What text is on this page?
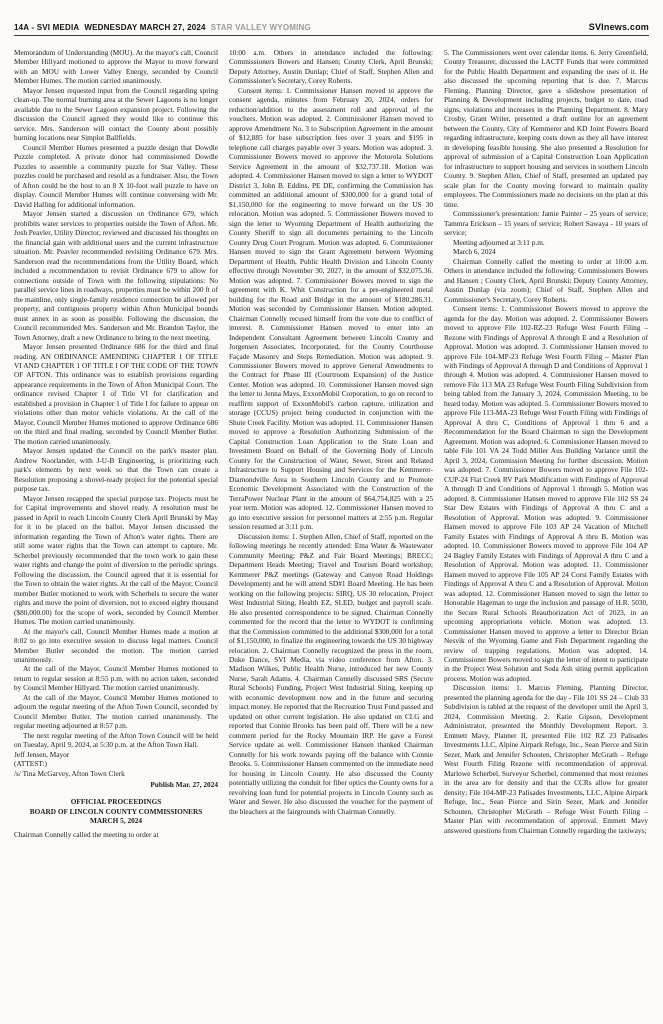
14A - SVI MEDIA WEDNESDAY MARCH 27, 2024 STAR VALLEY WYOMING	SVInews.com

Memorandum of Understanding (MOU). At the mayor's call, Council Member Hillyard motioned to approve the Mayor to move forward with an MOU with Lower Valley Energy, seconded by Council Member Humes. The motion carried unanimously.

Mayor Jensen requested input from the Council regarding spring clean-up. The normal burning area at the Sewer Lagoons is no longer available due to the Sewer Lagoon expansion project. Following the discussion the Council agreed they would like to continue this service. Mrs. Sanderson will contact the County about possibly burning locations near Simplot Ballfields.

Council Member Humes presented a puzzle design that Dowdle Puzzle completed. A private donor had commissioned Dowdle Puzzles to assemble a community puzzle for Star Valley. These puzzles could be purchased and resold as a fundraiser. Also, the Town of Afton could be the host to an 8 X 10-foot wall puzzle to have on display. Council Member Humes will continue conversing with Mr. David Halling for additional information.

Mayor Jensen started a discussion on Ordinance 679, which prohibits water services to properties outside the Town of Afton. Mr. Josh Peavler, Utility Director, reviewed and discussed his thoughts on the financial gain with additional users and the current infrastructure situation. Mr. Peavler recommended revisiting Ordinance 679. Mrs. Sanderson read the recommendations from the Utility Board, which included a recommendation to revisit Ordinance 679 to allow for connections outside of Town with the following stipulations: No parallel service lines in roadways, properties must be within 200 ft of the mainline, only single-family residence connection be allowed per property, and contiguous property within Afton Municipal bounds must annex in as soon as possible. Following the discussion, the Council recommended Mrs. Sanderson and Mr. Brandon Taylor, the Town Attorney, draft a new Ordinance to bring to the next meeting.

Mayor Jensen presented Ordinance 686 for the third and final reading. AN ORDINANCE AMENDING CHAPTER 1 OF TITLE VI AND CHAPTER 1 OF TITLE I OF THE CODE OF THE TOWN OF AFTON. This ordinance was to establish provisions regarding appearance requirements in the Town of Afton Municipal Court. The ordinance revised Chapter I of Title VI for clarification and established a provision in Chapter 1 of Title I for failure to appear on violations other than motor vehicle violations. At the call of the Mayor, Council Member Humes motioned to approve Ordinance 686 on the third and final reading, seconded by Council Member Butler. The motion carried unanimously.

Mayor Jensen updated the Council on the park's master plan. Andrew Noorlander, with J-U-B Engineering, is prioritizing each park's elements by next week so that the Town can create a Resolution proposing a shovel-ready project for the potential special purpose tax.

Mayor Jensen recapped the special purpose tax. Projects must be for Capital improvements and shovel ready. A resolution must be passed in April to reach Lincoln County Clerk April Brunski by May for it to be placed on the ballot. Mayor Jensen discussed the information regarding the Town of Afton's water rights. There are still some water rights that the Town can attempt to capture. Mr. Scherbel previously recommended that the town work to gain these water rights and change the point of diversion to the periodic springs. Following the discussion, the Council agreed that it is essential for the Town to obtain the water rights. At the call of the Mayor, Council member Butler motioned to work with Scherbels to secure the water rights and move the point of diversion, not to exceed eighty thousand ($80,000.00) for the scope of work, seconded by Council Member Humes. The motion carried unanimously.

At the mayor's call, Council Member Humes made a motion at 8:02 to go into executive session to discuss legal matters. Council Member Butler seconded the motion. The motion carried unanimously.

At the call of the Mayor, Council Member Humes motioned to return to regular session at 8:55 p.m. with no action taken, seconded by Council Member Hillyard. The motion carried unanimously.

At the call of the Mayor, Council Member Humes motioned to adjourn the regular meeting of the Afton Town Council, seconded by Council Member Butler. The motion carried unanimously. The regular meeting adjourned at 8:57 p.m.

The next regular meeting of the Afton Town Council will be held on Tuesday, April 9, 2024, at 5:30 p.m. at the Afton Town Hall.

Jeff Jensen, Mayor

(ATTEST:)

/s/ Tina McGarvey, Afton Town Clerk

Publish Mar. 27, 2024

OFFICIAL PROCEEDINGS
BOARD OF LINCOLN COUNTY COMMISSIONERS
MARCH 5, 2024

Chairman Connelly called the meeting to order at

10:00 a.m. Others in attendance included the following: Commissioners Bowers and Hansen; County Clerk, April Brunski; Deputy Attorney, Austin Dunlap; Chief of Staff, Stephen Allen and Commissioner's Secretary, Corey Roberts.

Consent items: 1. Commissioner Hansen moved to approve the consent agenda, minutes from February 20, 2024, orders for reduction/addition to the assessment roll and approval of the vouchers. Motion was adopted. 2. Commissioner Hansen moved to approve Amendment No. 3 to Subscription Agreement in the amount of $12,885 for base subscription fees over 3 years and $195 in telephone call charges payable over 3 years. Motion was adopted. 3. Commissioner Bowers moved to approve the Motorola Solutions Service Agreement in the amount of $32,737.18. Motion was adopted. 4. Commissioner Hansen moved to sign a letter to WYDOT District 3, John B. Eddins, PE DE, confirming the Commission has committed an additional amount of $300,000 for a grand total of $1,150,000 for the engineering to move forward on the US 30 relocation. Motion was adopted. 5. Commissioner Bowers moved to sign the letter to Wyoming Department of Health authorizing the County Sheriff to sign all documents pertaining to the Lincoln County Drug Court Program. Motion was adopted. 6. Commissioner Hansen moved to sign the Grant Agreement between Wyoming Department of Health, Public Health Division and Lincoln County effective through November 30, 2027, in the amount of $32,075.36. Motion was adopted. 7. Commissioner Bowers moved to sign the agreement with K. Whit Construction for a pre-engineered metal building for the Road and Bridge in the amount of $180,286.31. Motion was seconded by Commissioner Hansen. Motion adopted. Chairman Connelly recused himself from the vote due to conflict of interest. 8. Commissioner Hansen moved to enter into an Independent Consultant Agreement between Lincoln County and Jorgensen Associates, Incorporated, for the County Courthouse Façade Masonry and Steps Remediation. Motion was adopted. 9. Commissioner Bowers moved to approve General Amendments to the Contract for Phase III (Courtroom Expansion) of the Justice Center. Motion was adopted. 10. Commissioner Hansen moved sign the letter to Jenna Mays, ExxonMobil Corporation, to go on record to reaffirm support of ExxonMobil's carbon capture, utilization and storage (CCUS) project being conducted in conjunction with the Shute Creek Facility. Motion was adopted. 11. Commissioner Hansen moved to approve a Resolution Authorizing Submission of the Capital Construction Loan Application to the State Loan and Investment Board on Behalf of the Governing Body of Lincoln County for the Construction of Water, Sewer, Street and Related Infrastructure to Support Housing and Services for the Kemmerer-Diamondville Area in Southern Lincoln County and to Promote Economic Development Associated with the Construction of the TerraPower Nuclear Plant in the amount of $64,754,825 with a 25 year term. Motion was adopted. 12. Commissioner Hansen moved to go into executive session for personnel matters at 2:55 p.m. Regular session resumed at 3:11 p.m.

Discussion items: 1. Stephen Allen, Chief of Staff, reported on the following meetings he recently attended: Etna Water & Wastewater Community Meeting; P&Z and Fair Board Meetings; BRECC; Department Heads Meeting; Travel and Tourism Board workshop; Kemmerer P&Z meetings (Gateway and Canyon Road Holdings Development) and he will attend SD#1 Board Meeting. He has been working on the following projects: SIRQ, US 30 relocation, Project West Industrial Siting, Health EZ, SLED, budget and payroll scale. He also presented correspondence to be signed. Chairman Connelly commented for the record that the letter to WYDOT is confirming that the Commission committed to the additional $300,000 for a total of $1,150,000, to finalize the engineering towards the US 30 highway relocation. 2. Chairman Connelly recognized the press in the room, Duke Dance, SVI Media, via video conference from Afton. 3. Madison Wilkes, Public Health Nurse, introduced her new County Nurse, Sarah Adams. 4. Chairman Connelly discussed SRS (Secure Rural Schools) Funding, Project West Industrial Siting, keeping up with economic development now and in the future and securing impact money. He reported that the Recreation Trust Fund passed and updated on other current legislation. He also updated on CLG and reported that Connie Brooks has been paid off. There will be a new comment period for the Rocky Mountain IRP. He gave a Forest Service update as well. Commissioner Hansen thanked Chairman Connelly for his work towards paying off the balance with Connie Brooks. 5. Commissioner Hansen commented on the immediate need for housing in Lincoln County. He also discussed the County potentially utilizing the conduit for fiber optics the County owns for a revolving loan fund for potential projects in Lincoln County such as Water and Sewer. He also discussed the voucher for the payment of the bleachers at the fairgrounds with Chairman Connelly.

5. The Commissioners went over calendar items. 6. Jerry Greenfield, County Treasurer, discussed the LACTF Funds that were committed for the Public Health Department and expanding the uses of it. He also discussed the upcoming reporting that is due. 7. Marcus Fleming, Planning Director, gave a slideshow presentation of Planning & Development including projects, budget to date, road signs, violations and increases in the Planning Department. 8. Mary Crosby, Grant Writer, presented a draft outline for an agreement between the County, City of Kemmerer and KD Joint Powers Board regarding infrastructure, keeping costs down as they all have interest in developing feasible housing. She also presented a Resolution for approval of submission of a Capital Construction Loan Application for infrastructure to support housing and services in southern Lincoln County. 9. Stephen Allen, Chief of Staff, presented an updated pay scale plan for the County moving forward to maintain quality employees. The Commissioners made no decisions on the plan at this time.

Commissioner's presentation: Jamie Painter – 25 years of service; Tammra Erickson – 15 years of service; Robert Sawaya - 10 years of service;

Meeting adjourned at 3:11 p.m.

March 6, 2024

Chairman Connelly called the meeting to order at 10:00 a.m. Others in attendance included the following: Commissioners Bowers and Hansen ; County Clerk, April Brunski; Deputy County Attorney, Austin Dunlap (via zoom); Chief of Staff, Stephen Allen and Commissioner's Secretary, Corey Roberts.

Consent items: 1. Commissioner Bowers moved to approve the agenda for the day. Motion was adopted. 2. Commissioner Bowers moved to approve File 102-RZ-23 Refuge West Fourth Filing – Rezone with Findings of Approval A through E and a Resolution of Approval. Motion was adopted. 3. Commissioner Hansen moved to approve File 104-MP-23 Refuge West Fourth Filing – Master Plan with Findings of Approval A through D and Conditions of Approval 1 through 4. Motion was adopted. 4. Commissioner Hansen moved to remove File 113 MA 23 Refuge West Fourth Filing Subdivision from being tabled from the January 3, 2024, Commission Meeting, to be heard today. Motion was adopted. 5. Commissioner Bowers moved to approve File 113-MA-23 Refuge West Fourth Filing with Findings of Approval A thru C, Conditions of Approval 1 thru 6 and a Recommendation for the Board Chairman to sign the Development Agreement. Motion was adopted. 6. Commissioner Hansen moved to table File 101 VA 24 Todd Miller Aus Building Variance until the April 3, 2024, Commission Meeting for further discussion. Motion was adopted. 7. Commissioner Bowers moved to approve File 102-CUP-24 Flat Creek RV Park Modification with Findings of Approval A through D and Conditions of Approval 1 through 5. Motion was adopted. 8. Commissioner Hansen moved to approve File 102 SS 24 Star Dew Estates with Findings of Approval A thru C and a Resolution of Approval. Motion was adopted. 9. Commissioner Hansen moved to approve File 103 AP 24 Vacation of Mitchell Family Estates with Findings of Approval A thru B. Motion was adopted. 10. Commissioner Bowers moved to approve File 104 AP 24 Bagley Family Estates with Findings of Approval A thru C and a Resolution of Approval. Motion was adopted. 11. Commissioner Hansen moved to approve File 105 AP 24 Corsi Family Estates with Findings of Approval A thru C and a Resolution of Approval. Motion was adopted. 12. Commissioner Hansen moved to sign the letter to Honorable Hageman to urge the inclusion and passage of H.R. 5030, the Secure Rural Schools Reauthorization Act of 2023, in an upcoming appropriations vehicle. Motion was adopted. 13. Commissioner Hansen moved to approve a letter to Director Brian Nesvik of the Wyoming Game and Fish Department regarding the review of trapping regulations. Motion was adopted. 14. Commissioner Bowers moved to sign the letter of intent to participate in the Project West Solution and Soda Ash siting permit application process. Motion was adopted.

Discussion items: 1. Marcus Fleming, Planning Director, presented the planning agenda for the day - File 101 SS 24 – Club 33 Subdivision is tabled at the request of the developer until the April 3, 2024, Commission Meeting. 2. Katie Gipson, Development Administrator, presented the Monthly Development Report. 3. Emmett Mavy, Planner II, presented File 102 RZ 23 Palisades Investments LLC, Alpine Airpark Refuge, Inc., Sean Pierce and Sirin Sezer, Mark and Jennifer Schouten, Christopher McGrath – Refuge West Fourth Filing Rezone with recommendation of approval. Marlowe Scherbel, Surveyor Scherbel, commented that most rezones in the area are for density and that the CCRs allow for greater density; File 104-MP-23 Palisades Investments, LLC, Alpine Airpark Refuge, Inc., Sean Pierce and Sirin Sezer, Mark and Jennifer Schouten, Christopher McGrath – Refuge West Fourth Filing – Master Plan with recommendation of approval. Emmett Mavy answered questions from Chairman Connelly regarding the taxiways;
